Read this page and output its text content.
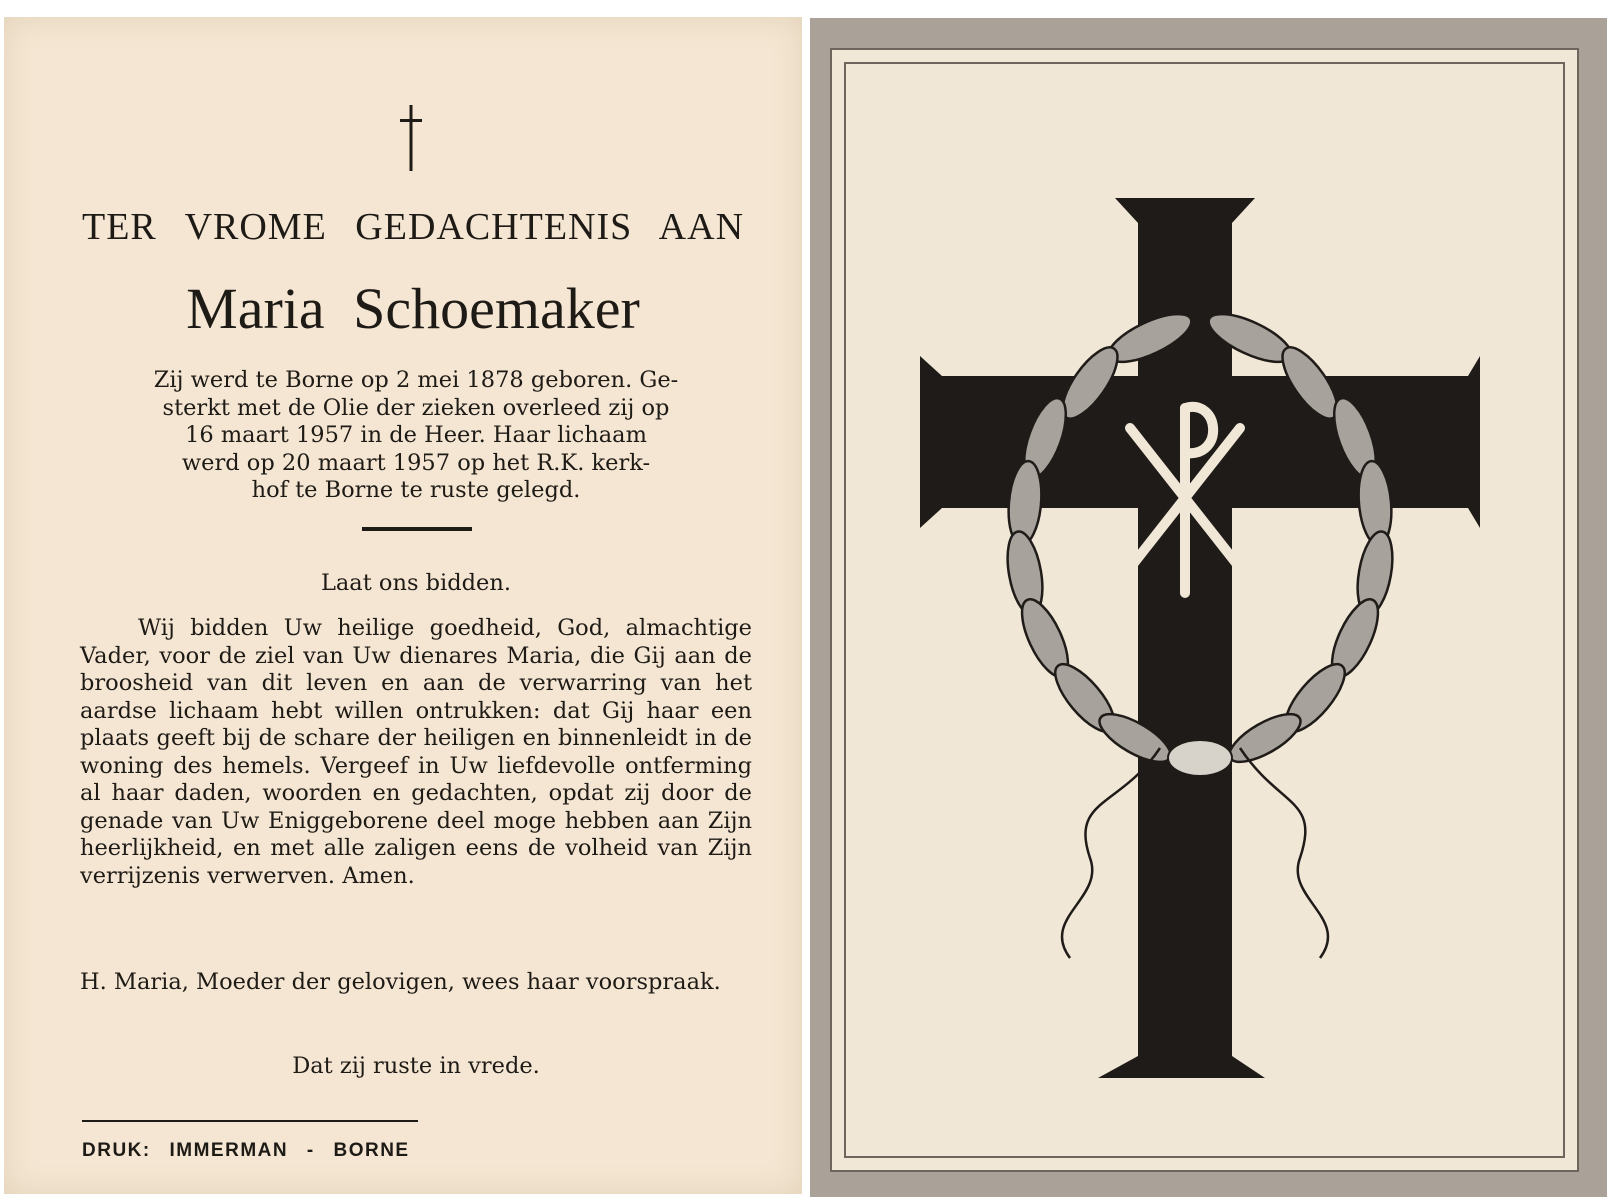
TER VROME GEDACHTENIS AAN
Maria Schoemaker

Zij werd te Borne op 2 mei 1878 geboren. Ge-

sterkt met de Olie der zieken overleed zij op

16 maart 1957 in de Heer. Haar lichaam

werd op 20 maart 1957 op het R.K. kerk-

hof te Borne te ruste gelegd.

Laat ons bidden.
Wij bidden Uw heilige goedheid, God, almachtige Vader, voor de ziel van Uw dienares Maria, die Gij aan de broosheid van dit leven en aan de verwarring van het aardse lichaam hebt willen ontrukken: dat Gij haar een plaats geeft bij de schare der heiligen en binnenleidt in de woning des hemels. Vergeef in Uw liefdevolle ontferming al haar daden, woorden en gedachten, opdat zij door de genade van Uw Eniggeborene deel moge hebben aan Zijn heerlijkheid, en met alle zaligen eens de volheid van Zijn verrijzenis verwerven. Amen.
H. Maria, Moeder der gelovigen, wees haar voorspraak.
Dat zij ruste in vrede.
DRUK: IMMERMAN - BORNE
